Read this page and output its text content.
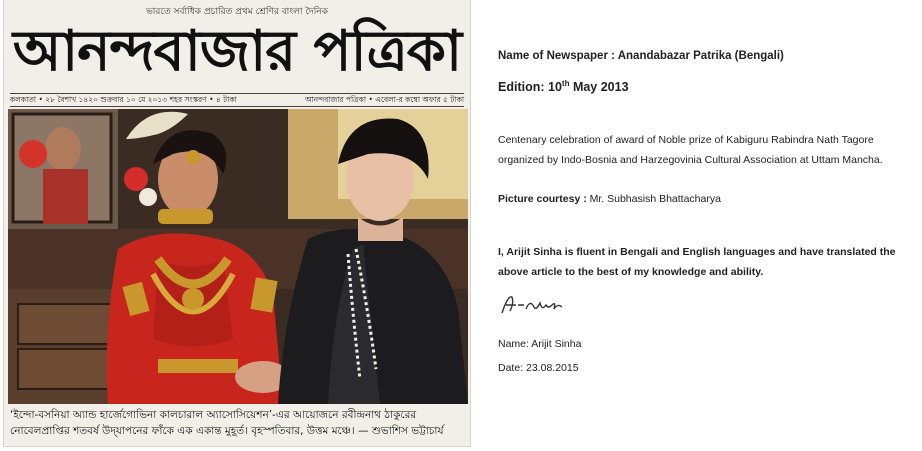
ভারতে সর্বাধিক প্রচারিত প্রথম শ্রেণির বাংলা দৈনিক
আনন্দবাজার পত্রিকা
কলকাতা • ২৮ বৈশাখ ১৪২০ শুক্রবার ১০ মে ২০১৩ শহর সংস্করণ • ৪ টাকা	আনন্দবাজার পত্রিকা • এবেলা-র কম্বো অফার ৫ টাকা
‘ইন্দো-বসনিয়া অ্যান্ড হার্জেগোভিনা কালচারাল অ্যাসোসিয়েশন’-এর আয়োজনে রবীন্দ্রনাথ ঠাকুরের
নোবেলপ্রাপ্তির শতবর্ষ উদ্‌যাপনের ফাঁকে এক একান্ত মুহূর্ত। বৃহস্পতিবার, উত্তম মঞ্চে। — শুভাশিস ভট্টাচার্য
Name of Newspaper : Anandabazar Patrika (Bengali)
Edition: 10th May 2013
Centenary celebration of award of Noble prize of Kabiguru Rabindra Nath Tagore organized by Indo-Bosnia and Harzegovinia Cultural Association at Uttam Mancha.
Picture courtesy : Mr. Subhasish Bhattacharya
I, Arijit Sinha is fluent in Bengali and English languages and have translated the above article to the best of my knowledge and ability.
Name: Arijit Sinha
Date: 23.08.2015
